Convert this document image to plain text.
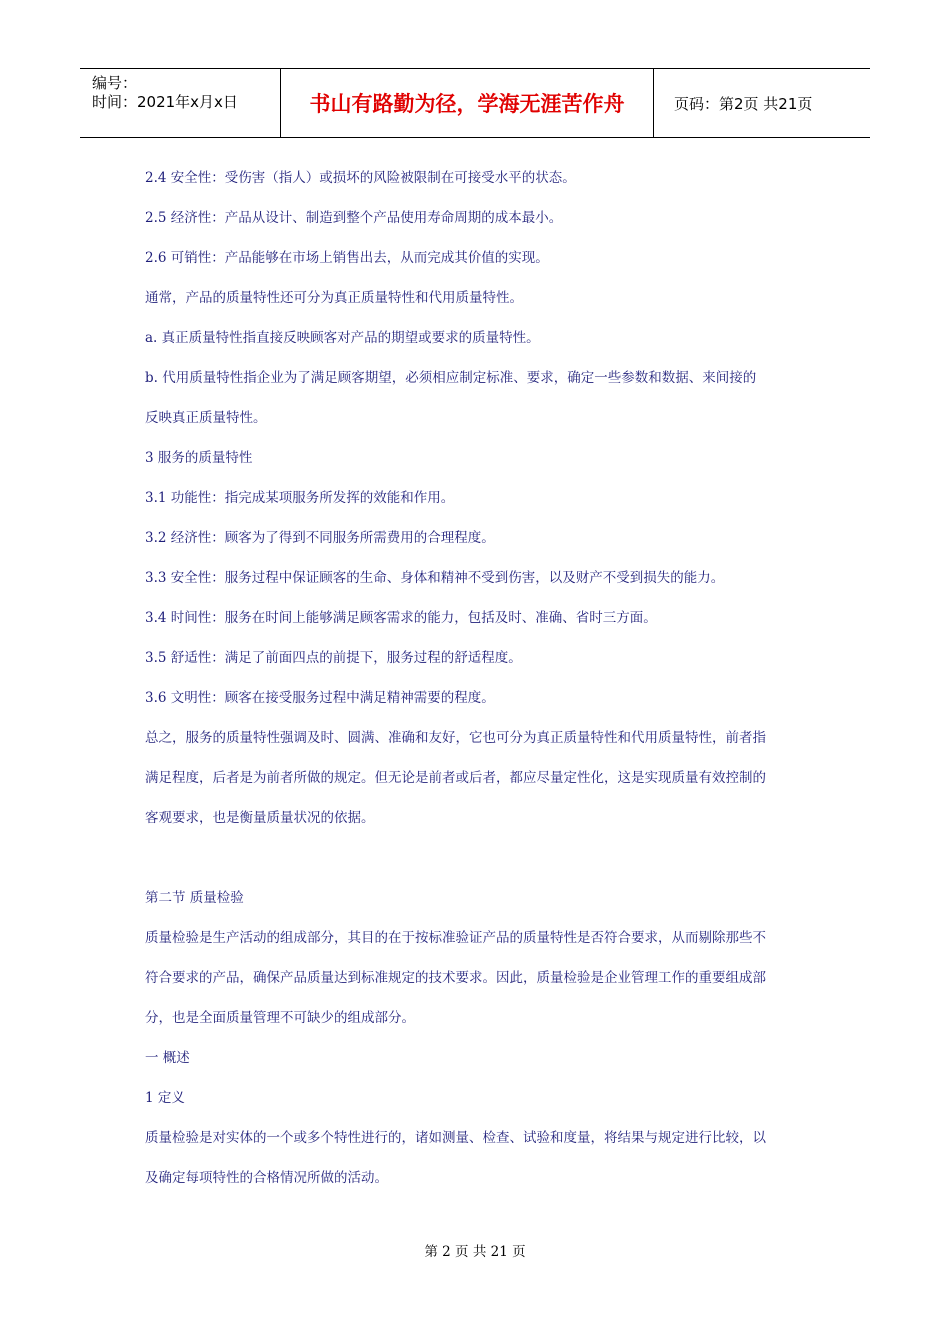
编号：
时间：2021年x月x日	书山有路勤为径，学海无涯苦作舟	页码：第2页 共21页

2.4 安全性：受伤害（指人）或损坏的风险被限制在可接受水平的状态。

2.5 经济性：产品从设计、制造到整个产品使用寿命周期的成本最小。

2.6 可销性：产品能够在市场上销售出去，从而完成其价值的实现。

通常，产品的质量特性还可分为真正质量特性和代用质量特性。

a. 真正质量特性指直接反映顾客对产品的期望或要求的质量特性。

b. 代用质量特性指企业为了满足顾客期望，必须相应制定标准、要求，确定一些参数和数据、来间接的

反映真正质量特性。

3 服务的质量特性

3.1 功能性：指完成某项服务所发挥的效能和作用。

3.2 经济性：顾客为了得到不同服务所需费用的合理程度。

3.3 安全性：服务过程中保证顾客的生命、身体和精神不受到伤害，以及财产不受到损失的能力。

3.4 时间性：服务在时间上能够满足顾客需求的能力，包括及时、准确、省时三方面。

3.5 舒适性：满足了前面四点的前提下，服务过程的舒适程度。

3.6 文明性：顾客在接受服务过程中满足精神需要的程度。

总之，服务的质量特性强调及时、圆满、准确和友好，它也可分为真正质量特性和代用质量特性，前者指

满足程度，后者是为前者所做的规定。但无论是前者或后者，都应尽量定性化，这是实现质量有效控制的

客观要求，也是衡量质量状况的依据。

第二节 质量检验

质量检验是生产活动的组成部分，其目的在于按标准验证产品的质量特性是否符合要求，从而剔除那些不

符合要求的产品，确保产品质量达到标准规定的技术要求。因此，质量检验是企业管理工作的重要组成部

分，也是全面质量管理不可缺少的组成部分。

一 概述

1 定义

质量检验是对实体的一个或多个特性进行的，诸如测量、检查、试验和度量，将结果与规定进行比较，以

及确定每项特性的合格情况所做的活动。

第 2 页 共 21 页
